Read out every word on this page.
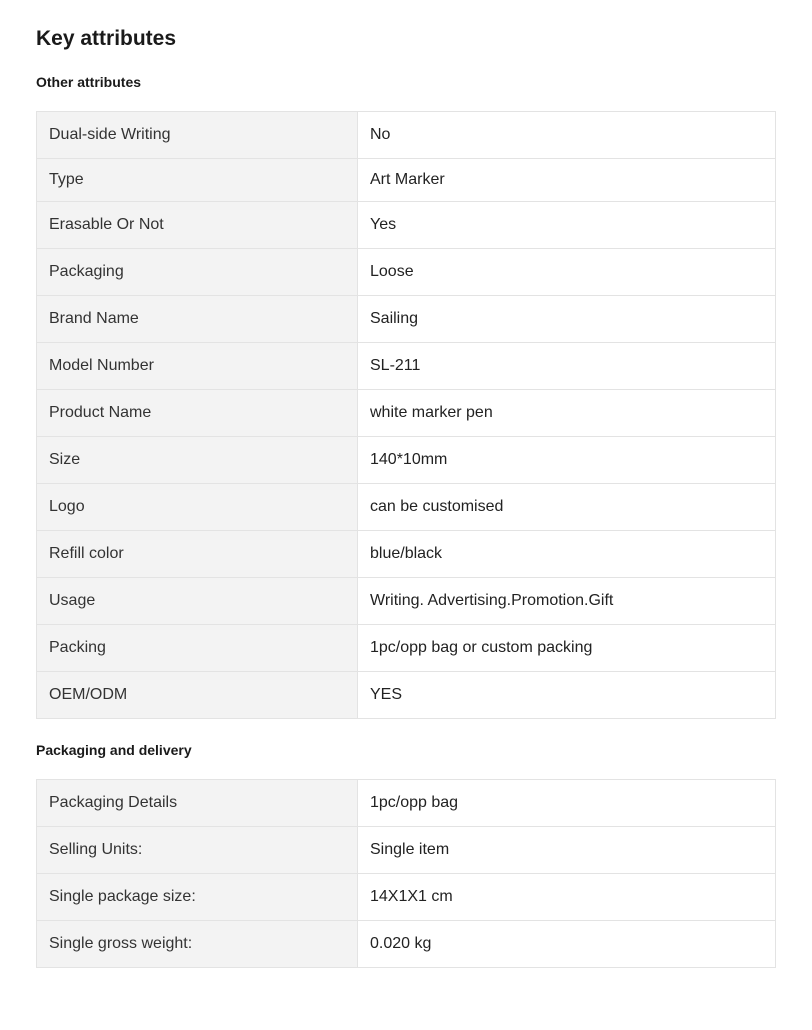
Key attributes
Other attributes
Dual-side Writing	No
Type	Art Marker
Erasable Or Not	Yes
Packaging	Loose
Brand Name	Sailing
Model Number	SL-211
Product Name	white marker pen
Size	140*10mm
Logo	can be customised
Refill color	blue/black
Usage	Writing. Advertising.Promotion.Gift
Packing	1pc/opp bag or custom packing
OEM/ODM	YES
Packaging and delivery
Packaging Details	1pc/opp bag
Selling Units:	Single item
Single package size:	14X1X1 cm
Single gross weight:	0.020 kg
